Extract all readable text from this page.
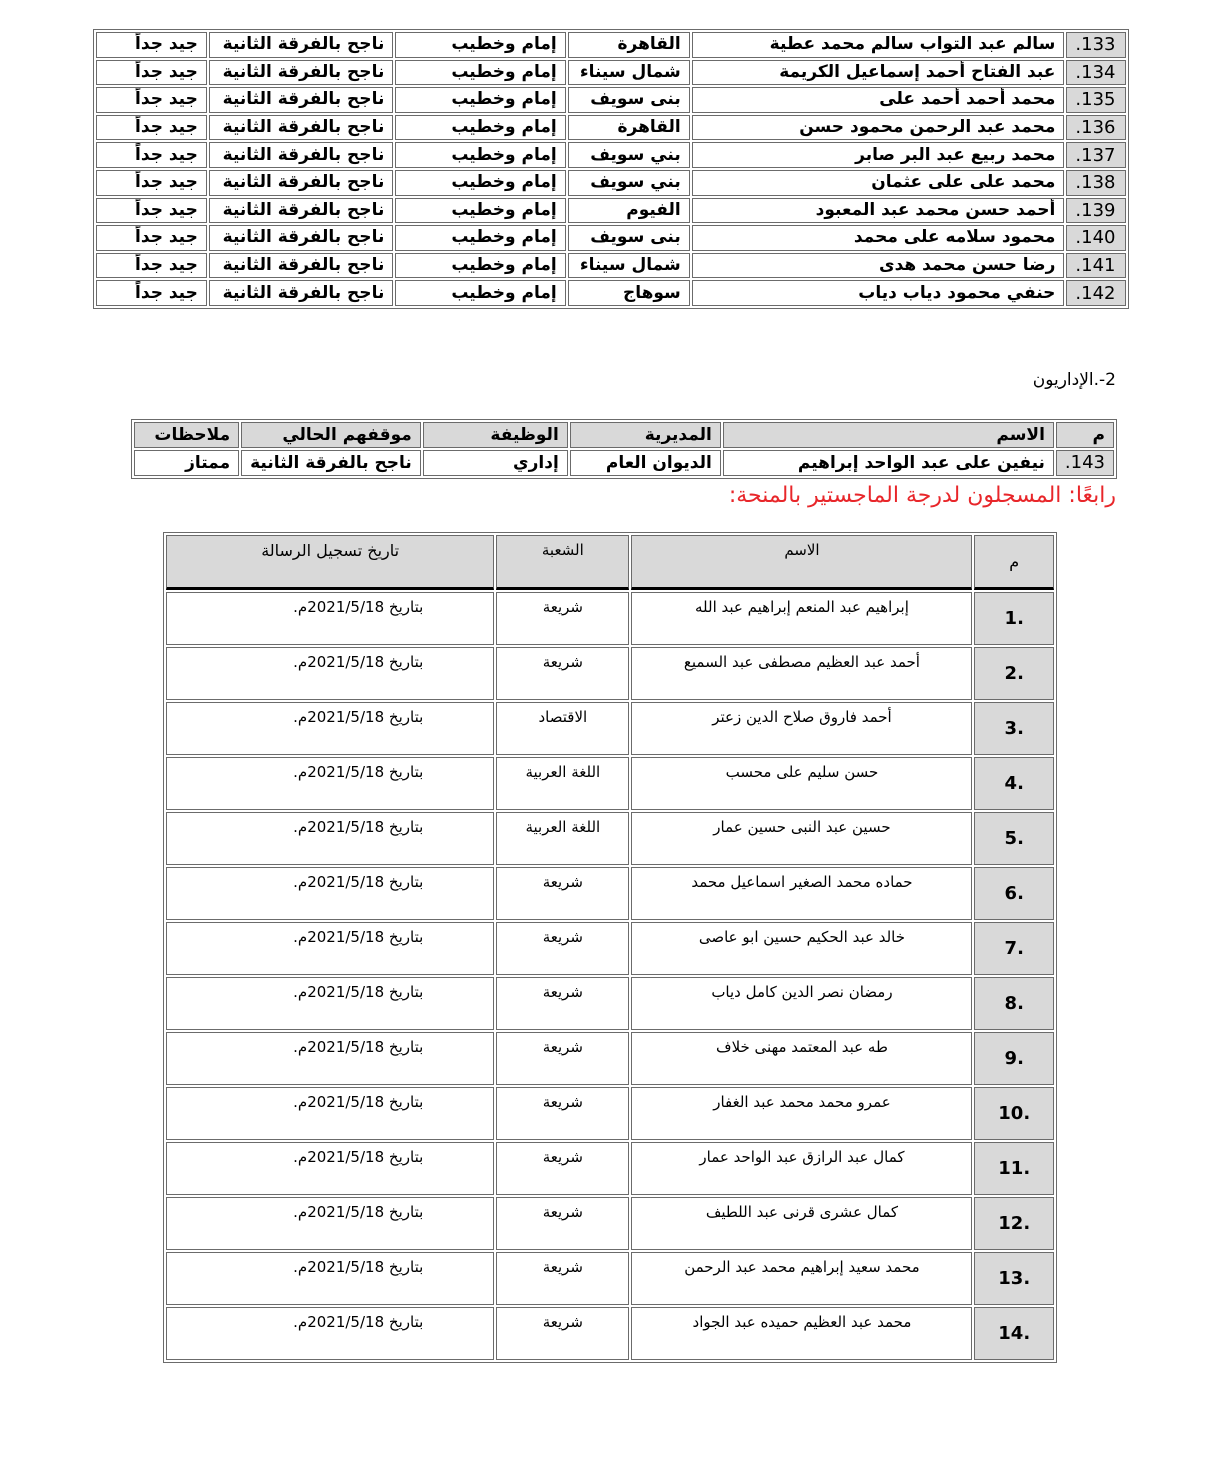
.133	سالم عبد التواب سالم محمد عطية	القاهرة	إمام وخطيب	ناجح بالفرقة الثانية	جيد جداً
.134	عبد الفتاح أحمد إسماعيل الكريمة	شمال سيناء	إمام وخطيب	ناجح بالفرقة الثانية	جيد جداً
.135	محمد أحمد أحمد على	بنى سويف	إمام وخطيب	ناجح بالفرقة الثانية	جيد جداً
.136	محمد عبد الرحمن محمود حسن	القاهرة	إمام وخطيب	ناجح بالفرقة الثانية	جيد جداً
.137	محمد ربيع عبد البر صابر	بني سويف	إمام وخطيب	ناجح بالفرقة الثانية	جيد جداً
.138	محمد على على عثمان	بني سويف	إمام وخطيب	ناجح بالفرقة الثانية	جيد جداً
.139	أحمد حسن محمد عبد المعبود	الفيوم	إمام وخطيب	ناجح بالفرقة الثانية	جيد جداً
.140	محمود سلامه على محمد	بنى سويف	إمام وخطيب	ناجح بالفرقة الثانية	جيد جداً
.141	رضا حسن محمد هدى	شمال سيناء	إمام وخطيب	ناجح بالفرقة الثانية	جيد جداً
.142	حنفي محمود دياب دياب	سوهاج	إمام وخطيب	ناجح بالفرقة الثانية	جيد جداً
2-.الإداريون
م	الاسم	المديرية	الوظيفة	موقفهم الحالي	ملاحظات
.143	نيفين على عبد الواحد إبراهيم	الديوان العام	إداري	ناجح بالفرقة الثانية	ممتاز
رابعًا: المسجلون لدرجة الماجستير بالمنحة:
م	الاسم	الشعبة	تاريخ تسجيل الرسالة
.1	إبراهيم عبد المنعم إبراهيم عبد الله	شريعة	بتاريخ 2021/5/18م.
.2	أحمد عبد العظيم مصطفى عبد السميع	شريعة	بتاريخ 2021/5/18م.
.3	أحمد فاروق صلاح الدين زعتر	الاقتصاد	بتاريخ 2021/5/18م.
.4	حسن سليم على محسب	اللغة العربية	بتاريخ 2021/5/18م.
.5	حسين عبد النبى حسين عمار	اللغة العربية	بتاريخ 2021/5/18م.
.6	حماده محمد الصغير اسماعيل محمد	شريعة	بتاريخ 2021/5/18م.
.7	خالد عبد الحكيم حسين ابو عاصى	شريعة	بتاريخ 2021/5/18م.
.8	رمضان نصر الدين كامل دياب	شريعة	بتاريخ 2021/5/18م.
.9	طه عبد المعتمد مهنى خلاف	شريعة	بتاريخ 2021/5/18م.
.10	عمرو محمد محمد عبد الغفار	شريعة	بتاريخ 2021/5/18م.
.11	كمال عبد الرازق عبد الواحد عمار	شريعة	بتاريخ 2021/5/18م.
.12	كمال عشرى قرنى عبد اللطيف	شريعة	بتاريخ 2021/5/18م.
.13	محمد سعيد إبراهيم محمد عبد الرحمن	شريعة	بتاريخ 2021/5/18م.
.14	محمد عبد العظيم حميده عبد الجواد	شريعة	بتاريخ 2021/5/18م.
